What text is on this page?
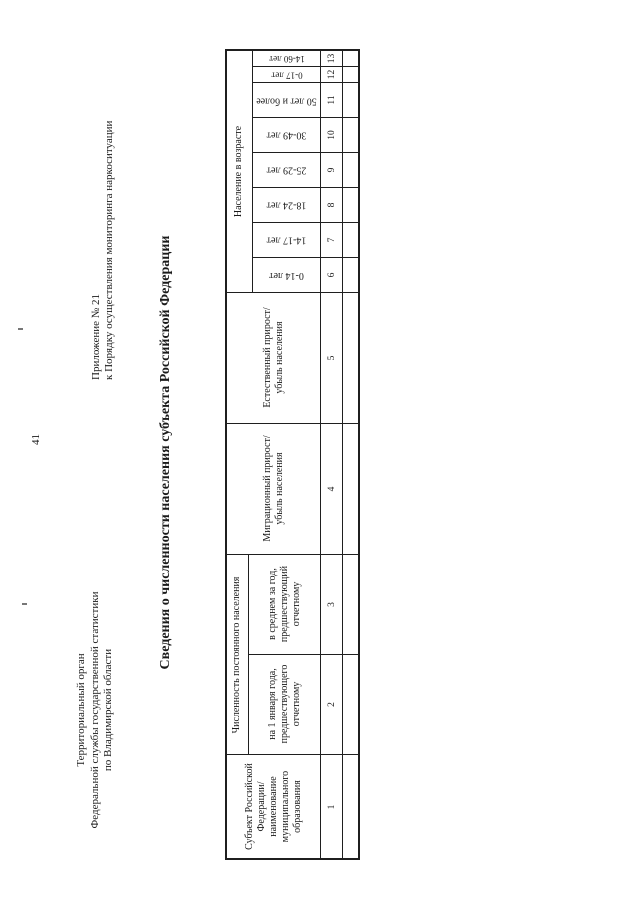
41
Приложение № 21 к Порядку осуществления мониторинга наркоситуации
Территориальный орган Федеральной службы государственной статистики по Владимирской области
Сведения о численности населения субъекта Российской Федерации
Субъект Российской Федерации/ наименование муниципального образования
Численность постоянного населения на 1 января года, предшествующего отчетному
в среднем за год, предшествующий отчетному
Миграционный прирост/ убыль населения
Естественный прирост/ убыль населения
Население в возрасте
0-14 лет
14-17 лет
18-24 лет
25-29 лет
30-49 лет
50 лет и более
0-17 лет
14-60 лет
1
2
3
4
5
6
7
8
9
10
11
12
13
